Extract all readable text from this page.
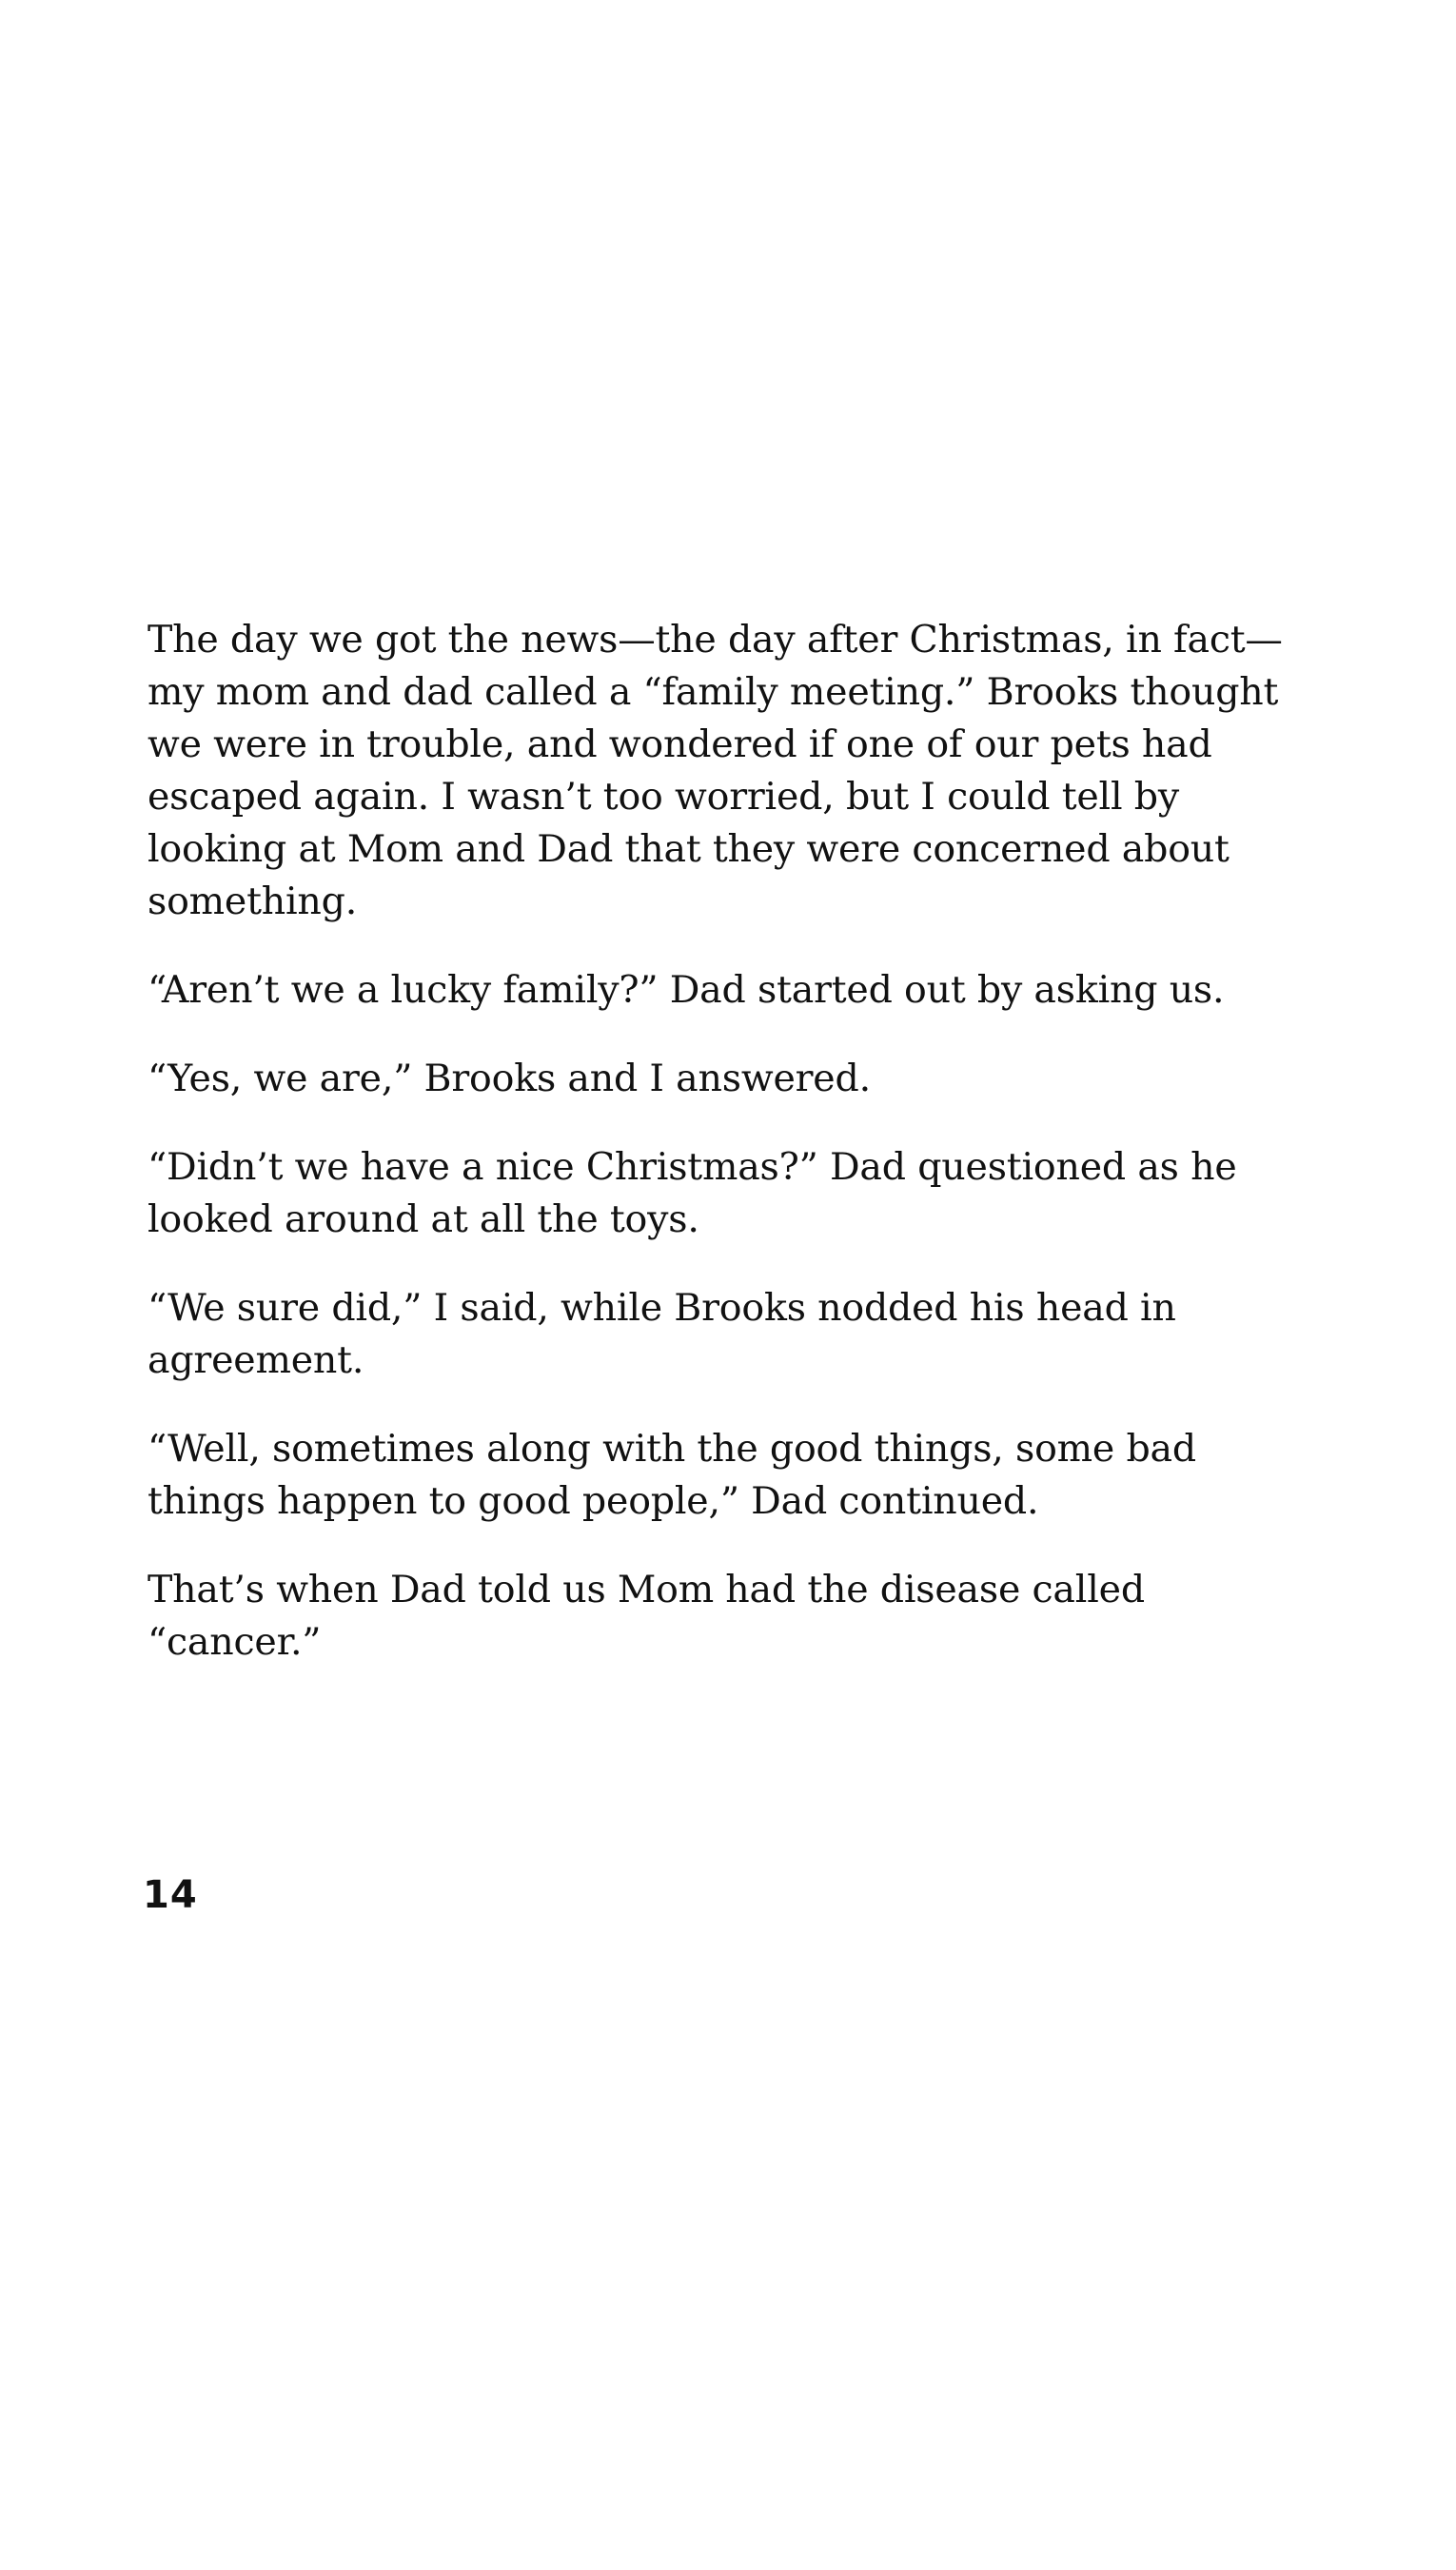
The day we got the news—the day after Christmas, in fact—my mom and dad called a “family meeting.” Brooks thought we were in trouble, and wondered if one of our pets had escaped again. I wasn’t too worried, but I could tell by looking at Mom and Dad that they were concerned about something.

“Aren’t we a lucky family?” Dad started out by asking us.

“Yes, we are,” Brooks and I answered.

“Didn’t we have a nice Christmas?” Dad questioned as he looked around at all the toys.

“We sure did,” I said, while Brooks nodded his head in agreement.

“Well, sometimes along with the good things, some bad things happen to good people,” Dad continued.

That’s when Dad told us Mom had the disease called “cancer.”

14
